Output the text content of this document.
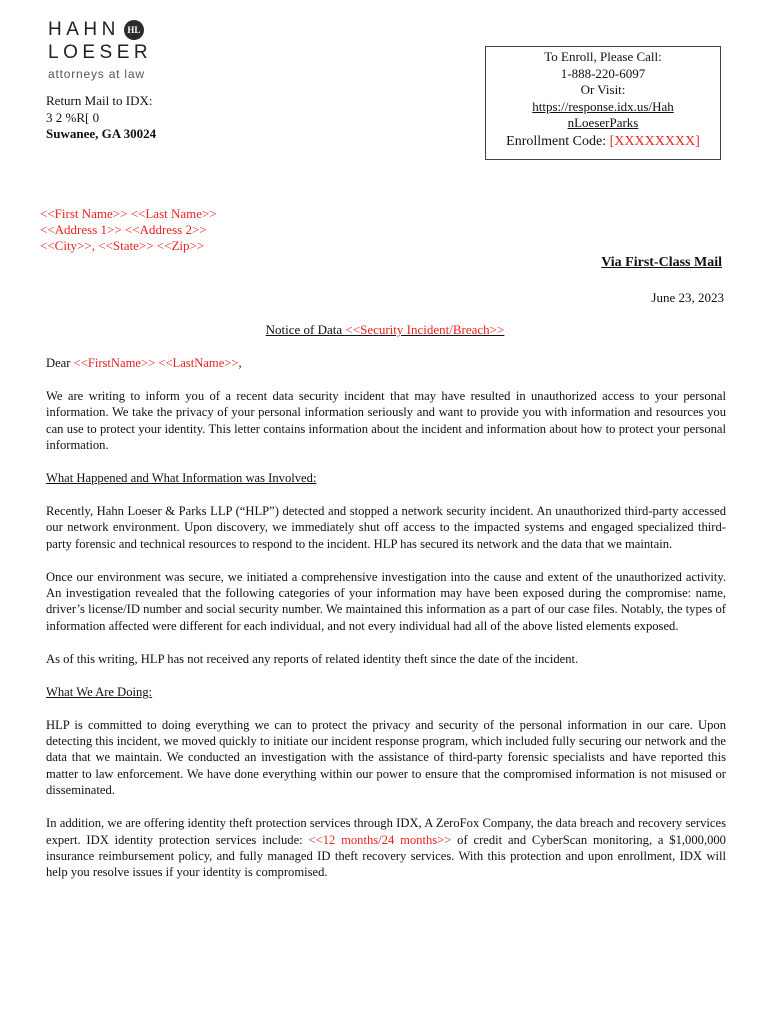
HAHN HL
LOESER
attorneys at law
Return Mail to IDX:
3 2 %R[ 0
Suwanee, GA 30024
To Enroll, Please Call:
1-888-220-6097
Or Visit:
https://response.idx.us/Hah
nLoeserParks
Enrollment Code: [XXXXXXXX]
<<First Name>> <<Last Name>>
<<Address 1>> <<Address 2>>
<<City>>, <<State>> <<Zip>>
Via First-Class Mail
June 23, 2023
Notice of Data <<Security Incident/Breach>>

Dear <<FirstName>> <<LastName>>,

We are writing to inform you of a recent data security incident that may have resulted in unauthorized access to your personal information. We take the privacy of your personal information seriously and want to provide you with information and resources you can use to protect your identity. This letter contains information about the incident and information about how to protect your personal information.

What Happened and What Information was Involved:

Recently, Hahn Loeser & Parks LLP (“HLP”) detected and stopped a network security incident. An unauthorized third-party accessed our network environment. Upon discovery, we immediately shut off access to the impacted systems and engaged specialized third-party forensic and technical resources to respond to the incident. HLP has secured its network and the data that we maintain.

Once our environment was secure, we initiated a comprehensive investigation into the cause and extent of the unauthorized activity. An investigation revealed that the following categories of your information may have been exposed during the compromise: name, driver’s license/ID number and social security number. We maintained this information as a part of our case files. Notably, the types of information affected were different for each individual, and not every individual had all of the above listed elements exposed.

As of this writing, HLP has not received any reports of related identity theft since the date of the incident.

What We Are Doing:

HLP is committed to doing everything we can to protect the privacy and security of the personal information in our care. Upon detecting this incident, we moved quickly to initiate our incident response program, which included fully securing our network and the data that we maintain. We conducted an investigation with the assistance of third-party forensic specialists and have reported this matter to law enforcement. We have done everything within our power to ensure that the compromised information is not misused or disseminated.

In addition, we are offering identity theft protection services through IDX, A ZeroFox Company, the data breach and recovery services expert. IDX identity protection services include: <<12 months/24 months>> of credit and CyberScan monitoring, a $1,000,000 insurance reimbursement policy, and fully managed ID theft recovery services. With this protection and upon enrollment, IDX will help you resolve issues if your identity is compromised.
